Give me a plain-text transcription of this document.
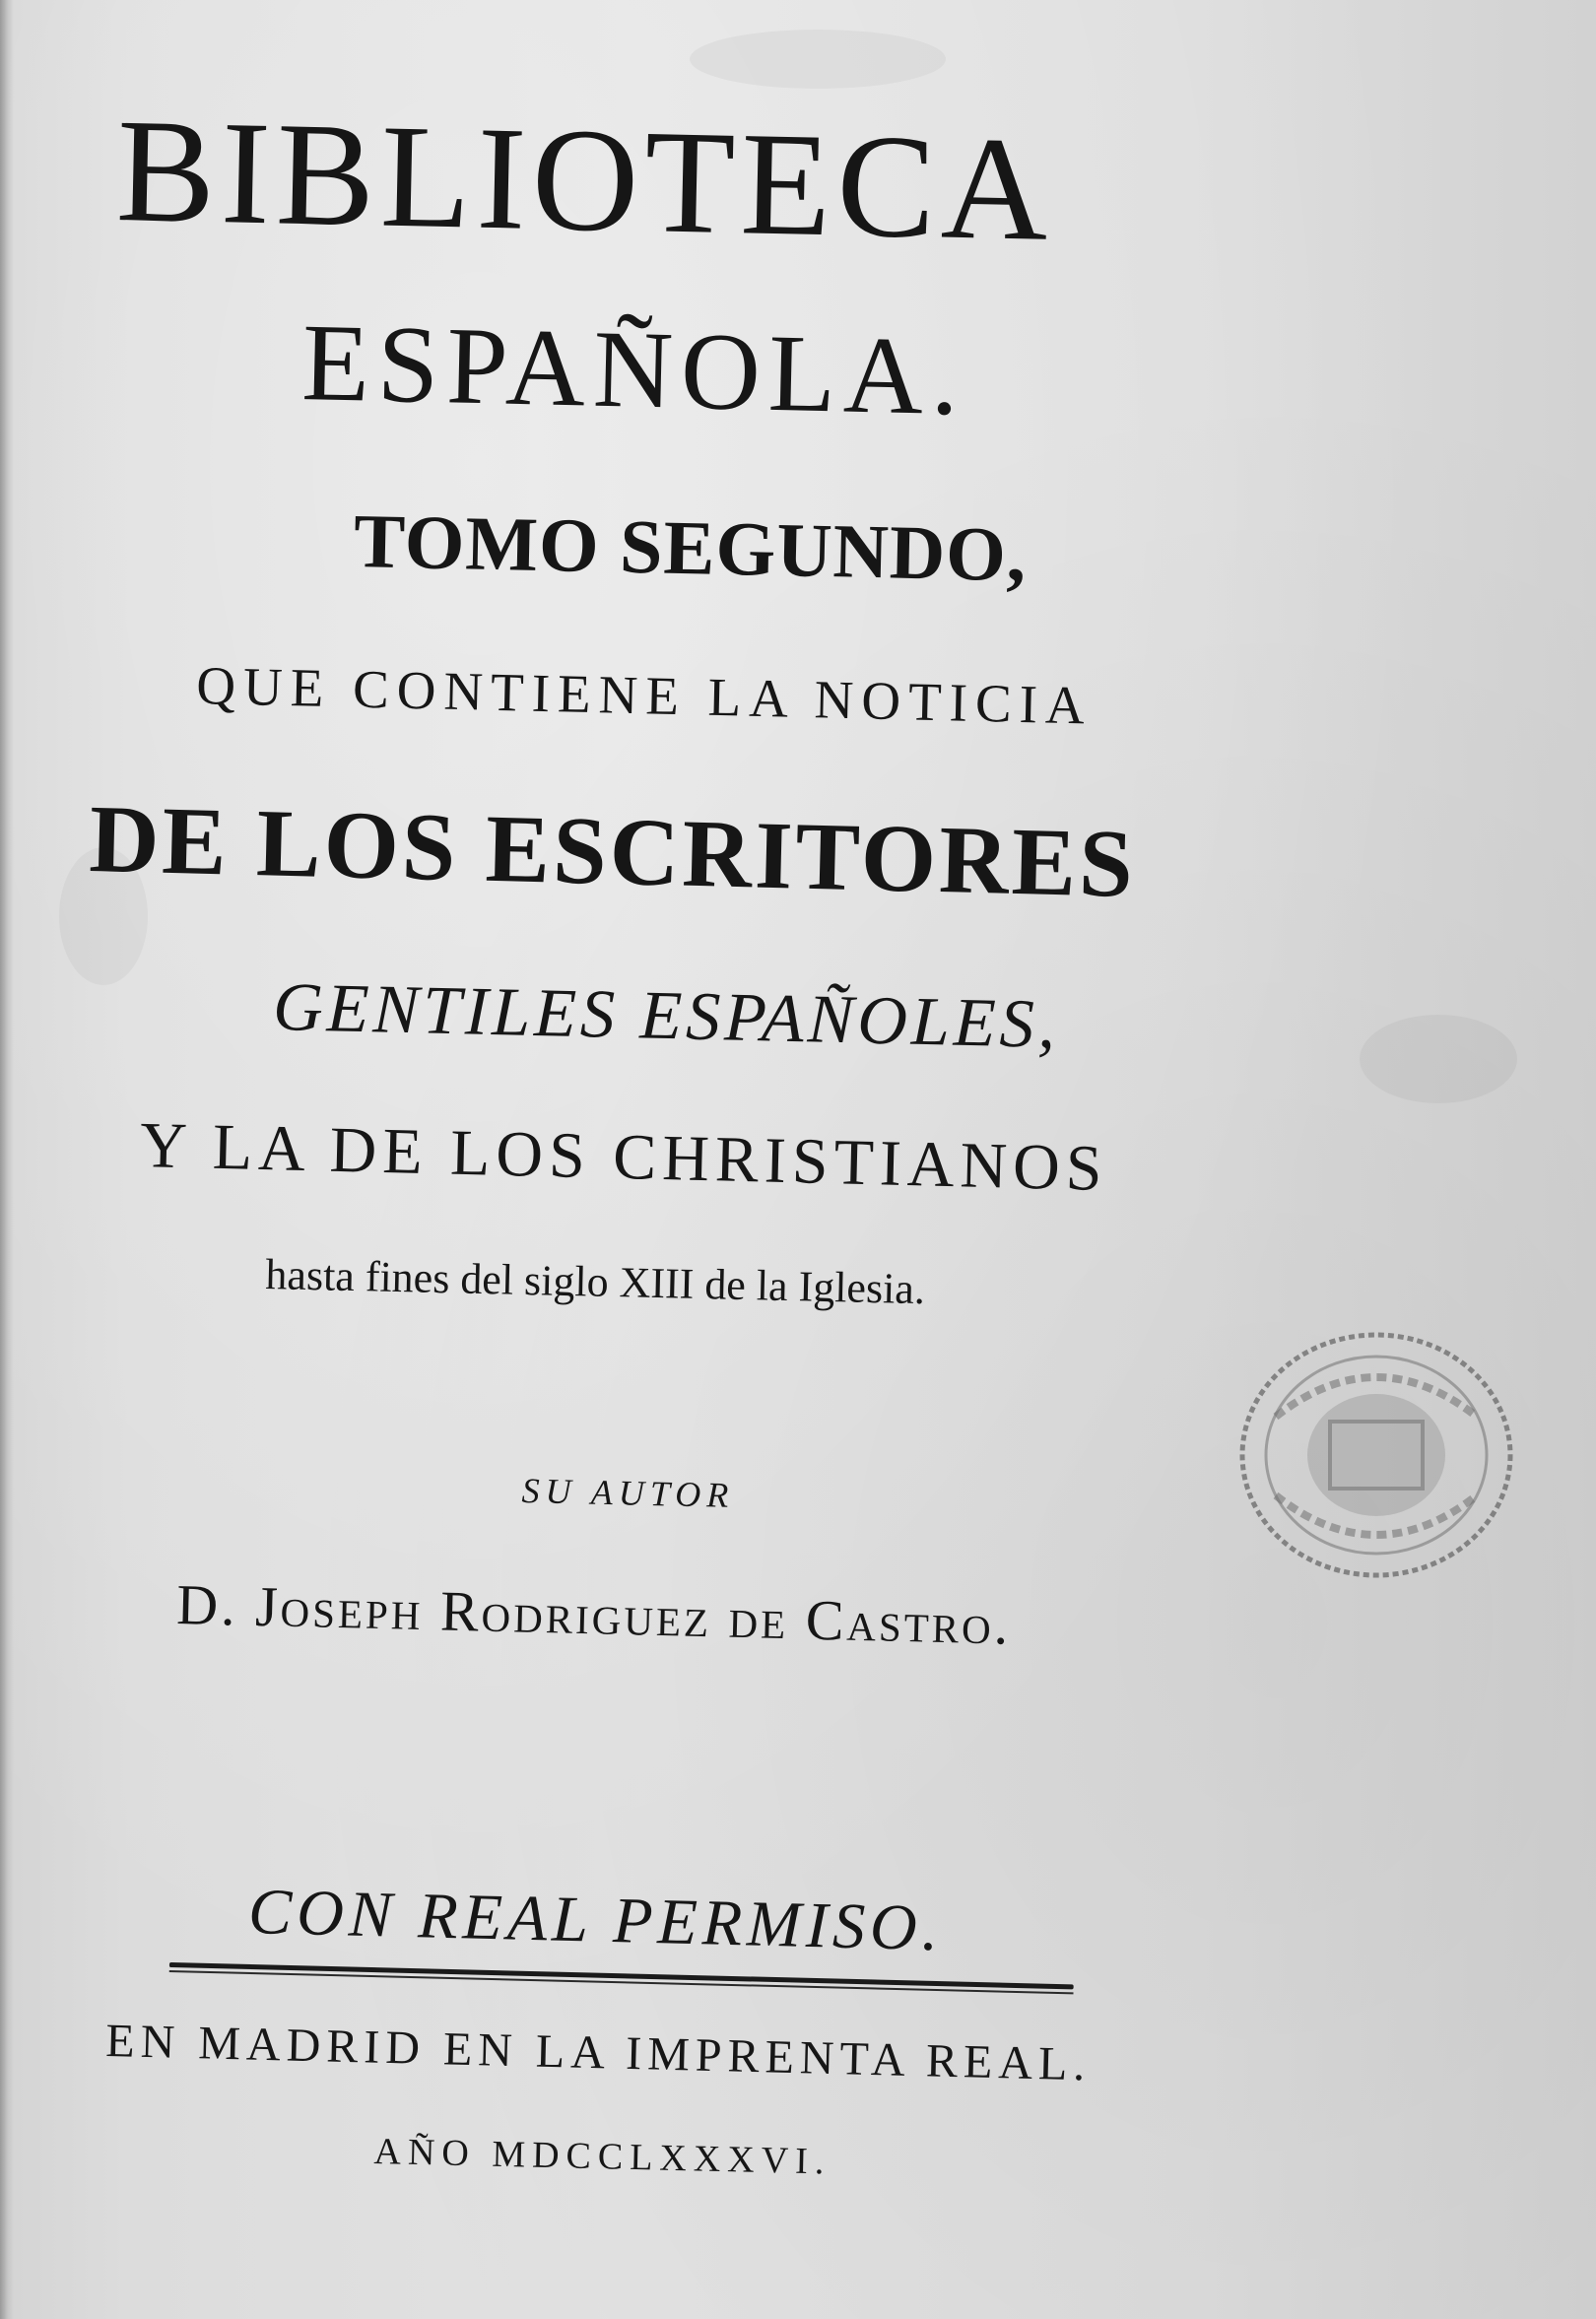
BIBLIOTECA
ESPAÑOLA.
TOMO SEGUNDO,
QUE CONTIENE LA NOTICIA
DE LOS ESCRITORES
GENTILES ESPAÑOLES,
Y LA DE LOS CHRISTIANOS
hasta fines del siglo XIII de la Iglesia.
SU AUTOR
D. Joseph Rodriguez de Castro.
CON REAL PERMISO.
EN MADRID EN LA IMPRENTA REAL.
AÑO MDCCLXXXVI.
